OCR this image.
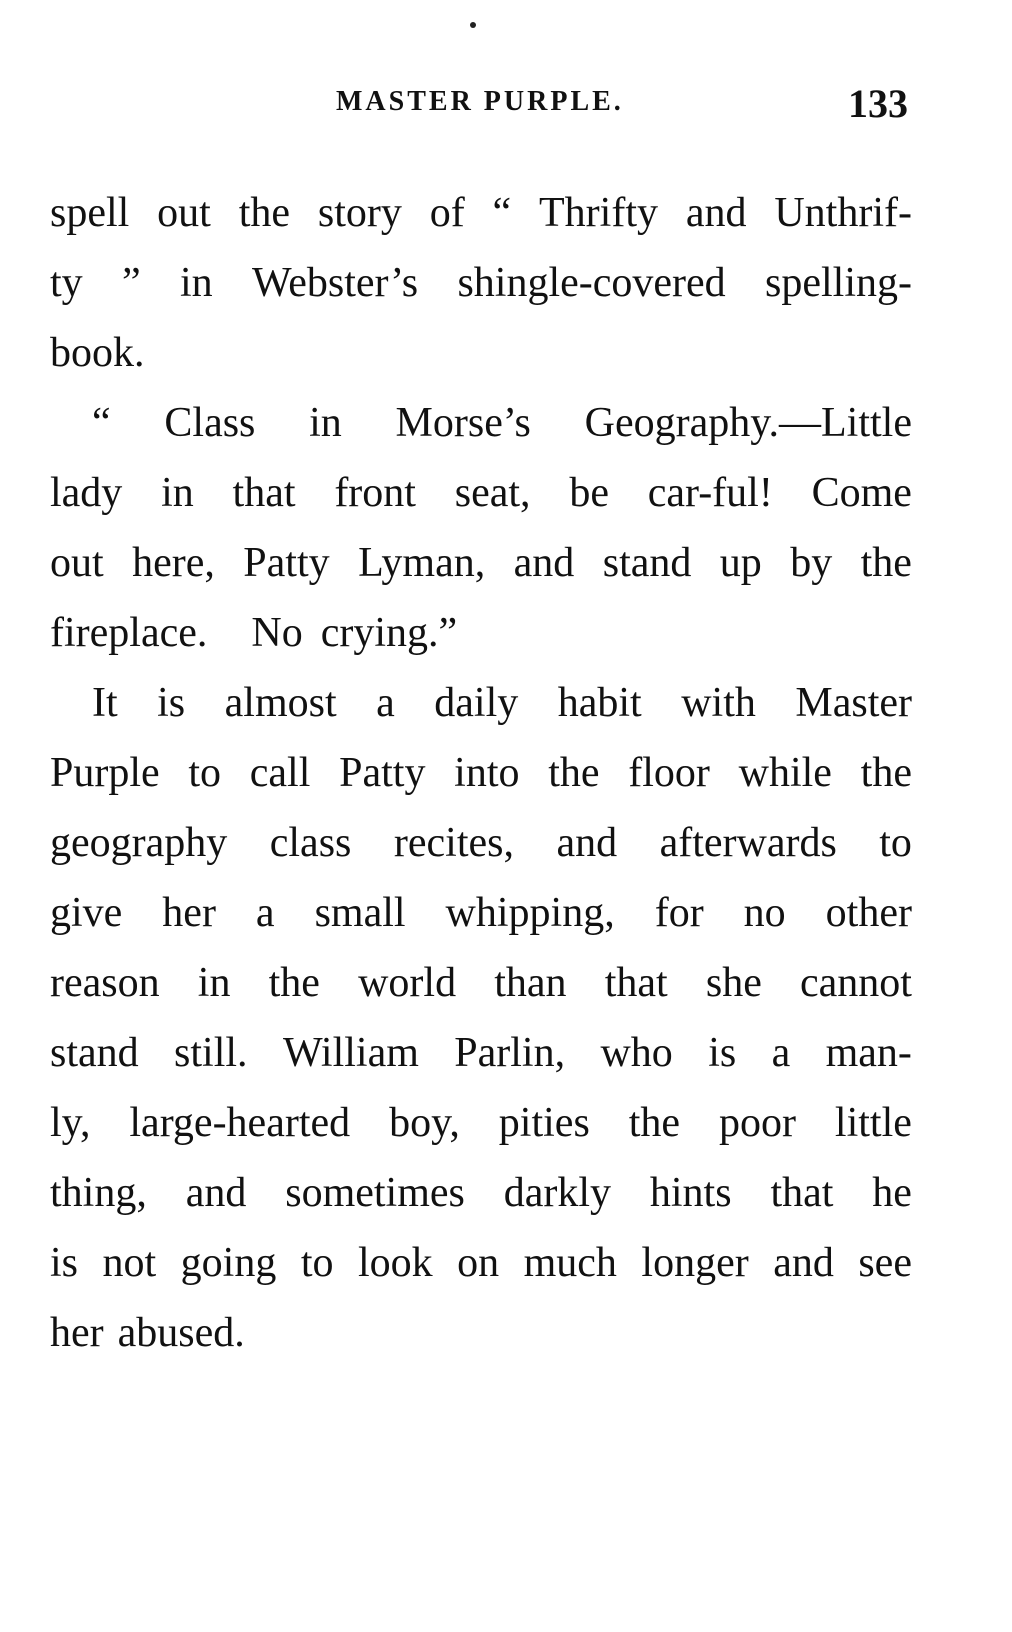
MASTER PURPLE.	133
spell out the story of “ Thrifty and Unthrif-
ty ” in Webster’s shingle-covered spelling-
book.
“ Class in Morse’s Geography.—Little
lady in that front seat, be car-ful! Come
out here, Patty Lyman, and stand up by the
fireplace. No crying.”
It is almost a daily habit with Master
Purple to call Patty into the floor while the
geography class recites, and afterwards to
give her a small whipping, for no other
reason in the world than that she cannot
stand still. William Parlin, who is a man-
ly, large-hearted boy, pities the poor little
thing, and sometimes darkly hints that he
is not going to look on much longer and see
her abused.
